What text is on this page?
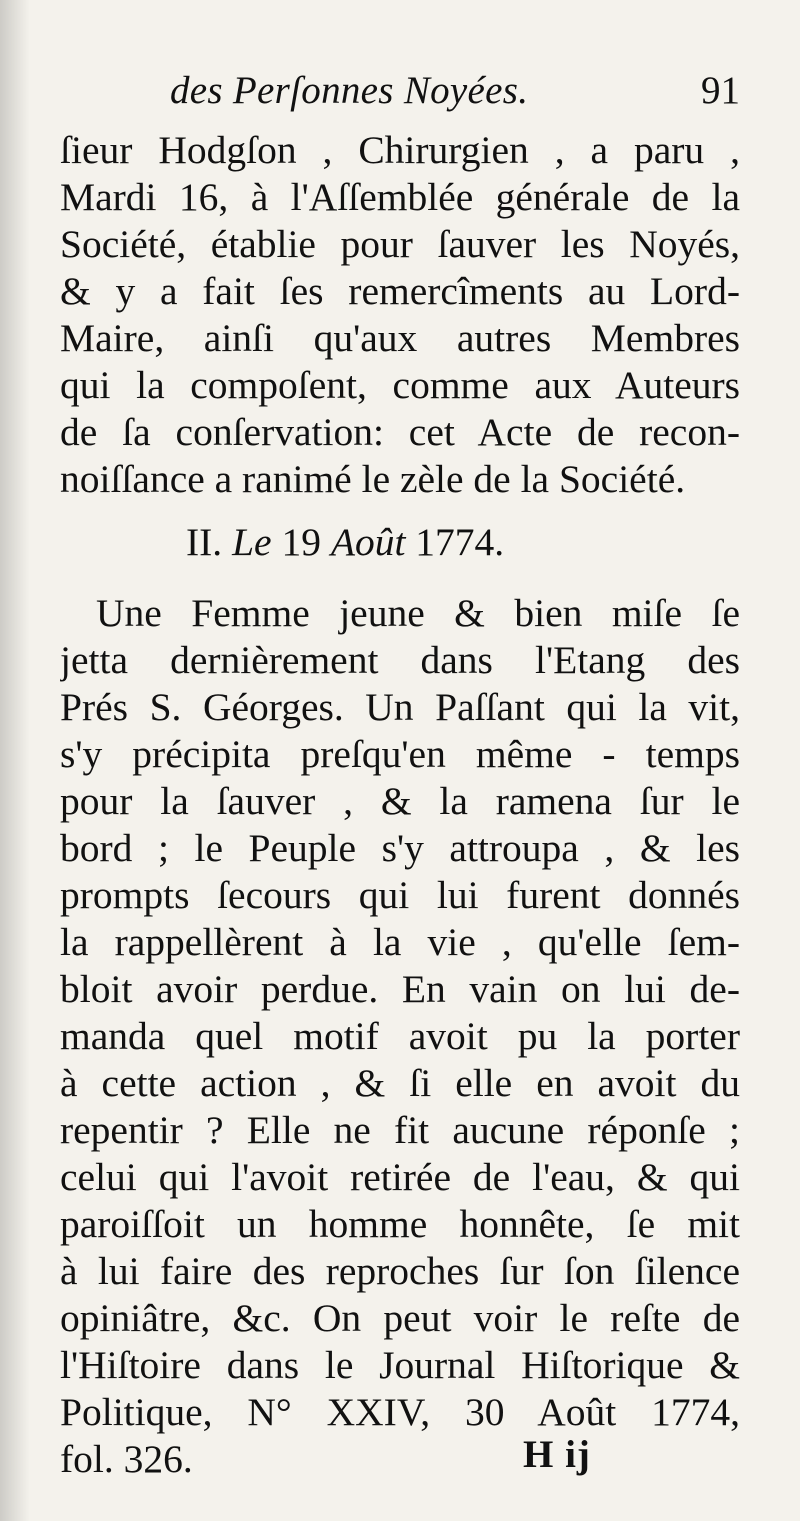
des Perſonnes Noyées.	91
ſieur Hodgſon , Chirurgien , a paru ,
Mardi 16, à l'Aſſemblée générale de la
Société, établie pour ſauver les Noyés,
& y a fait ſes remercîments au Lord-
Maire, ainſi qu'aux autres Membres
qui la compoſent, comme aux Auteurs
de ſa conſervation: cet Acte de recon-
noiſſance a ranimé le zèle de la Société.
II. Le 19 Août 1774.
Une Femme jeune & bien miſe ſe
jetta dernièrement dans l'Etang des
Prés S. Géorges. Un Paſſant qui la vit,
s'y précipita preſqu'en même - temps
pour la ſauver , & la ramena ſur le
bord ; le Peuple s'y attroupa , & les
prompts ſecours qui lui furent donnés
la rappellèrent à la vie , qu'elle ſem-
bloit avoir perdue. En vain on lui de-
manda quel motif avoit pu la porter
à cette action , & ſi elle en avoit du
repentir ? Elle ne fit aucune réponſe ;
celui qui l'avoit retirée de l'eau, & qui
paroiſſoit un homme honnête, ſe mit
à lui faire des reproches ſur ſon ſilence
opiniâtre, &c. On peut voir le reſte de
l'Hiſtoire dans le Journal Hiſtorique &
Politique, N° XXIV, 30 Août 1774,
fol. 326.	H ij
